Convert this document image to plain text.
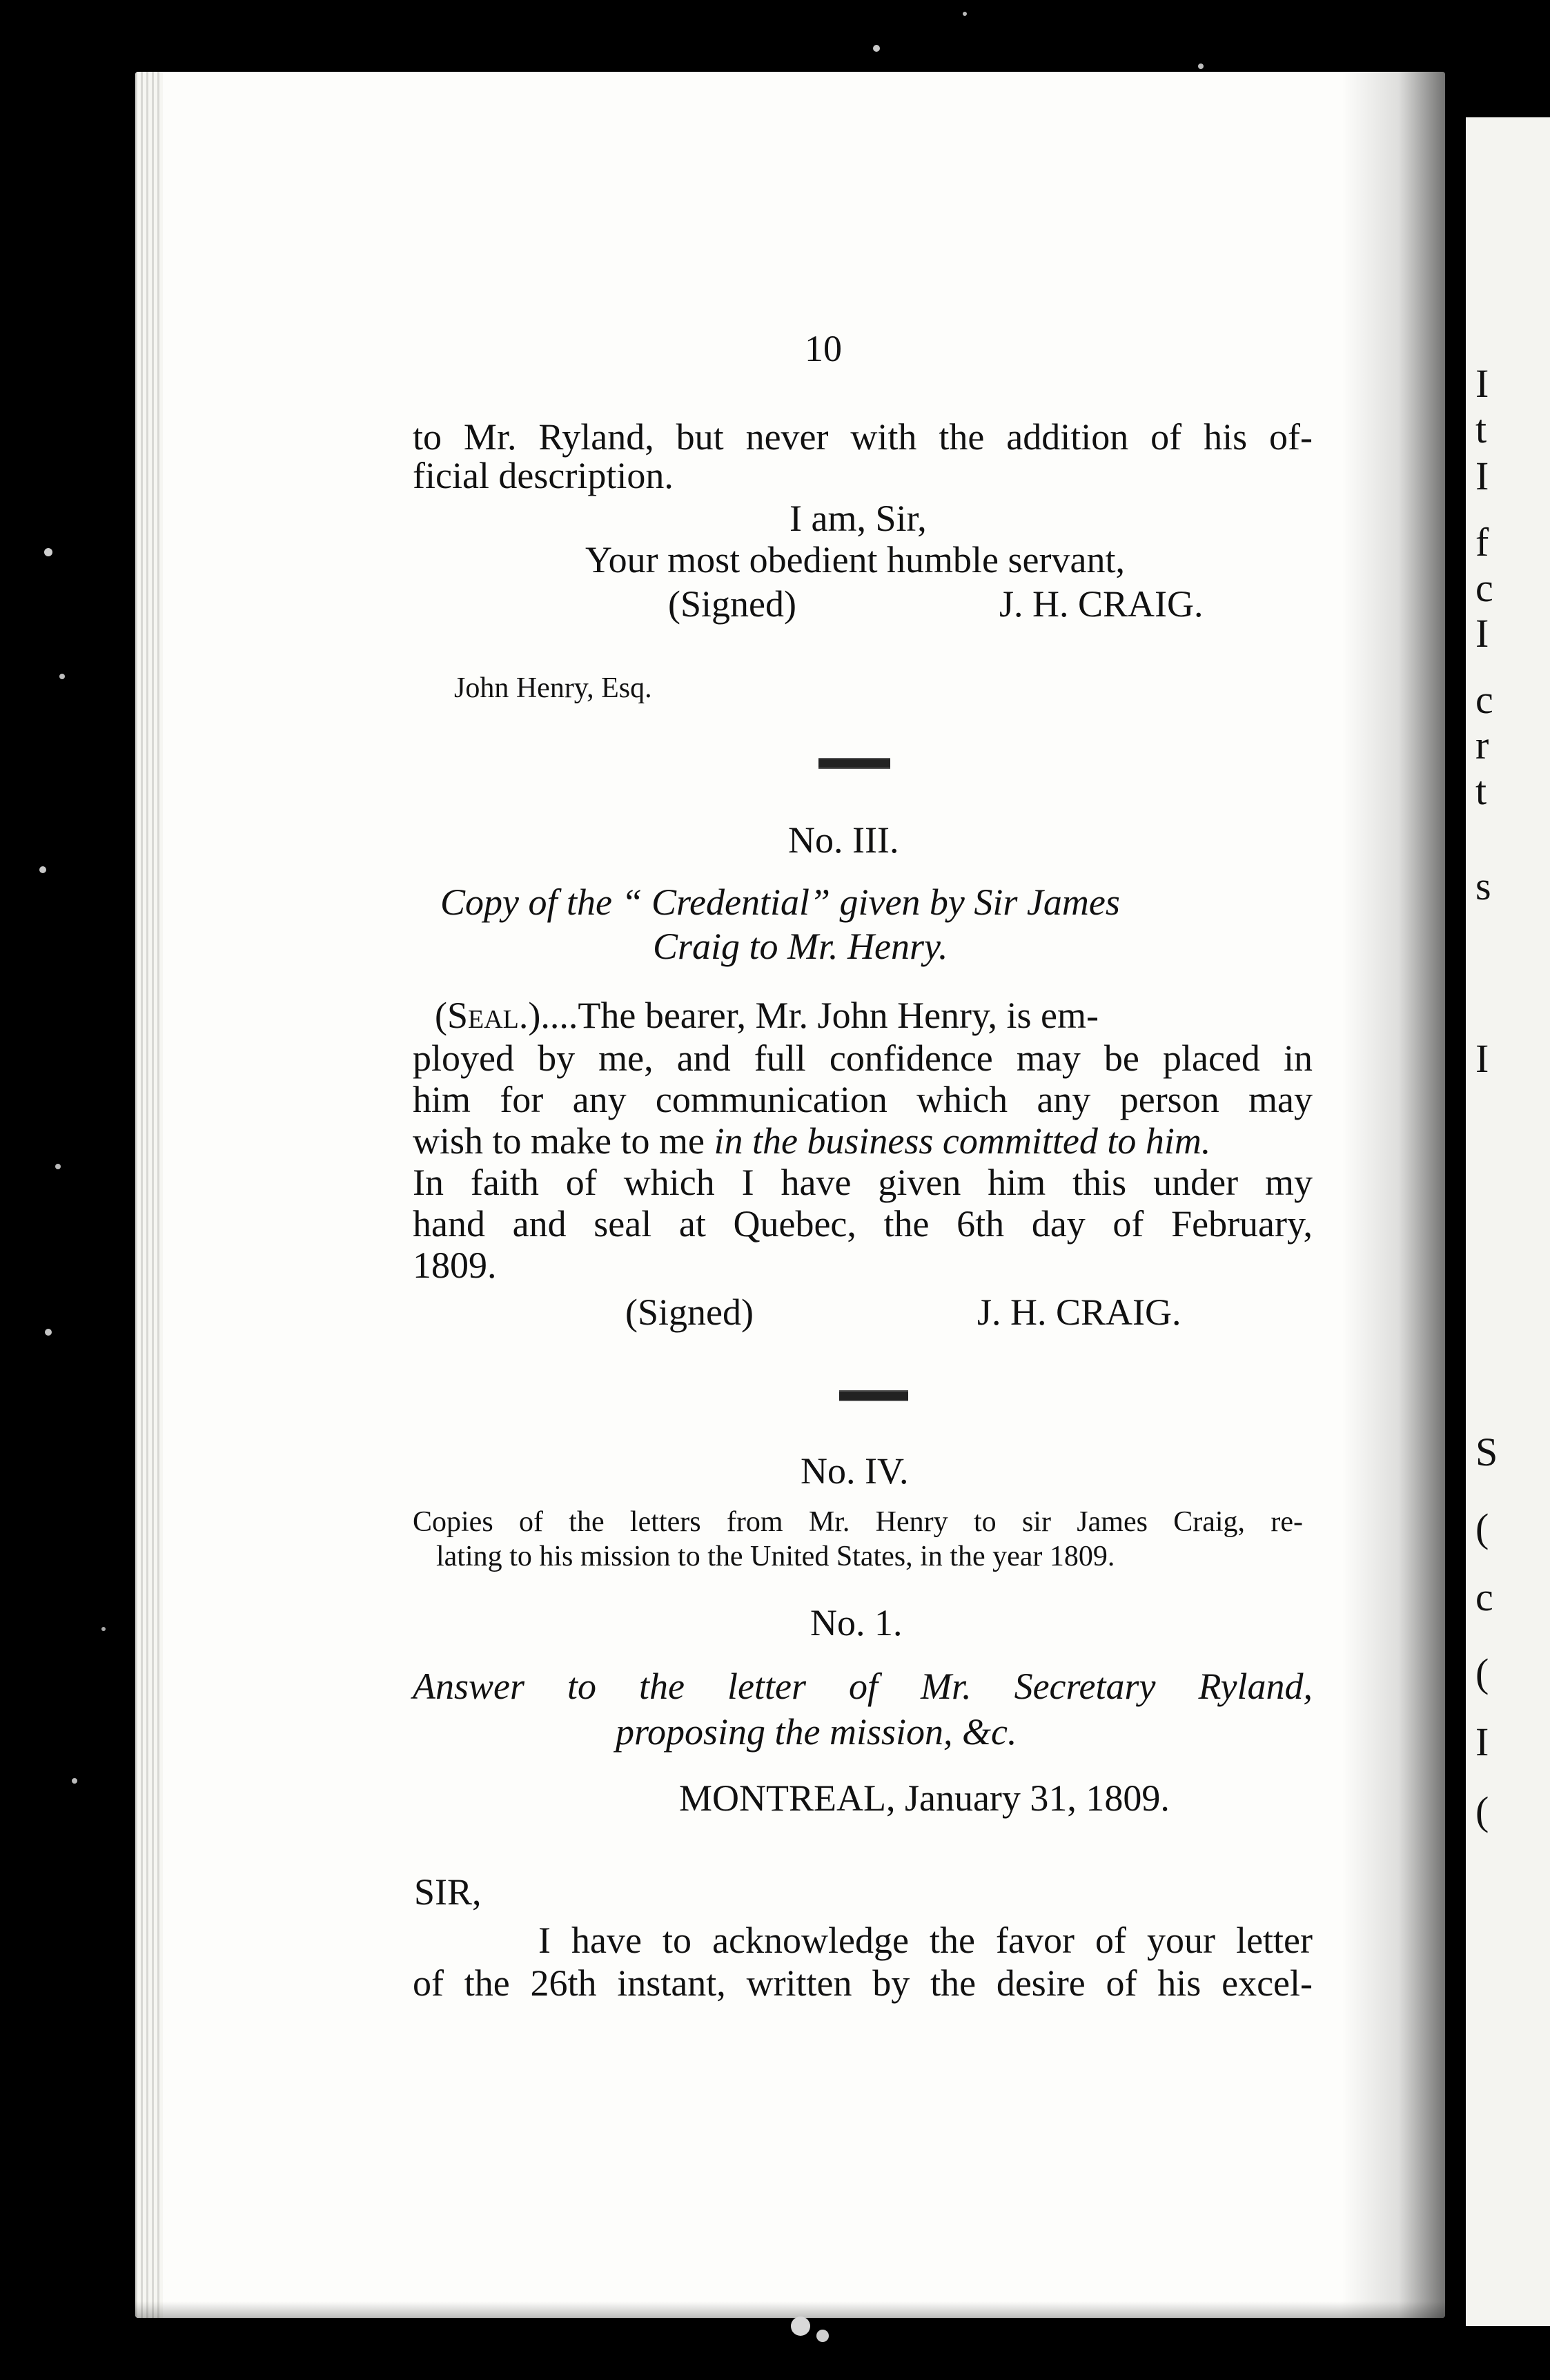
I
t
I
f
c
I
c
r
t
s
I
S
(
c
(
I
(
10
to Mr. Ryland, but never with the addition of his of-
ficial description.
I am, Sir,
Your most obedient humble servant,
(Signed)	J. H. CRAIG.
John Henry, Esq.
No. III.
Copy of the “ Credential” given by Sir James
Craig to Mr. Henry.
(Seal.)....The bearer, Mr. John Henry, is em-
ployed by me, and full confidence may be placed in
him for any communication which any person may
wish to make to me in the business committed to him.
In faith of which I have given him this under my
hand and seal at Quebec, the 6th day of February,
1809.
(Signed)	J. H. CRAIG.
No. IV.
Copies of the letters from Mr. Henry to sir James Craig, re-
lating to his mission to the United States, in the year 1809.
No. 1.
Answer to the letter of Mr. Secretary Ryland,
proposing the mission, &c.
MONTREAL, January 31, 1809.
SIR,
I have to acknowledge the favor of your letter
of the 26th instant, written by the desire of his excel-
